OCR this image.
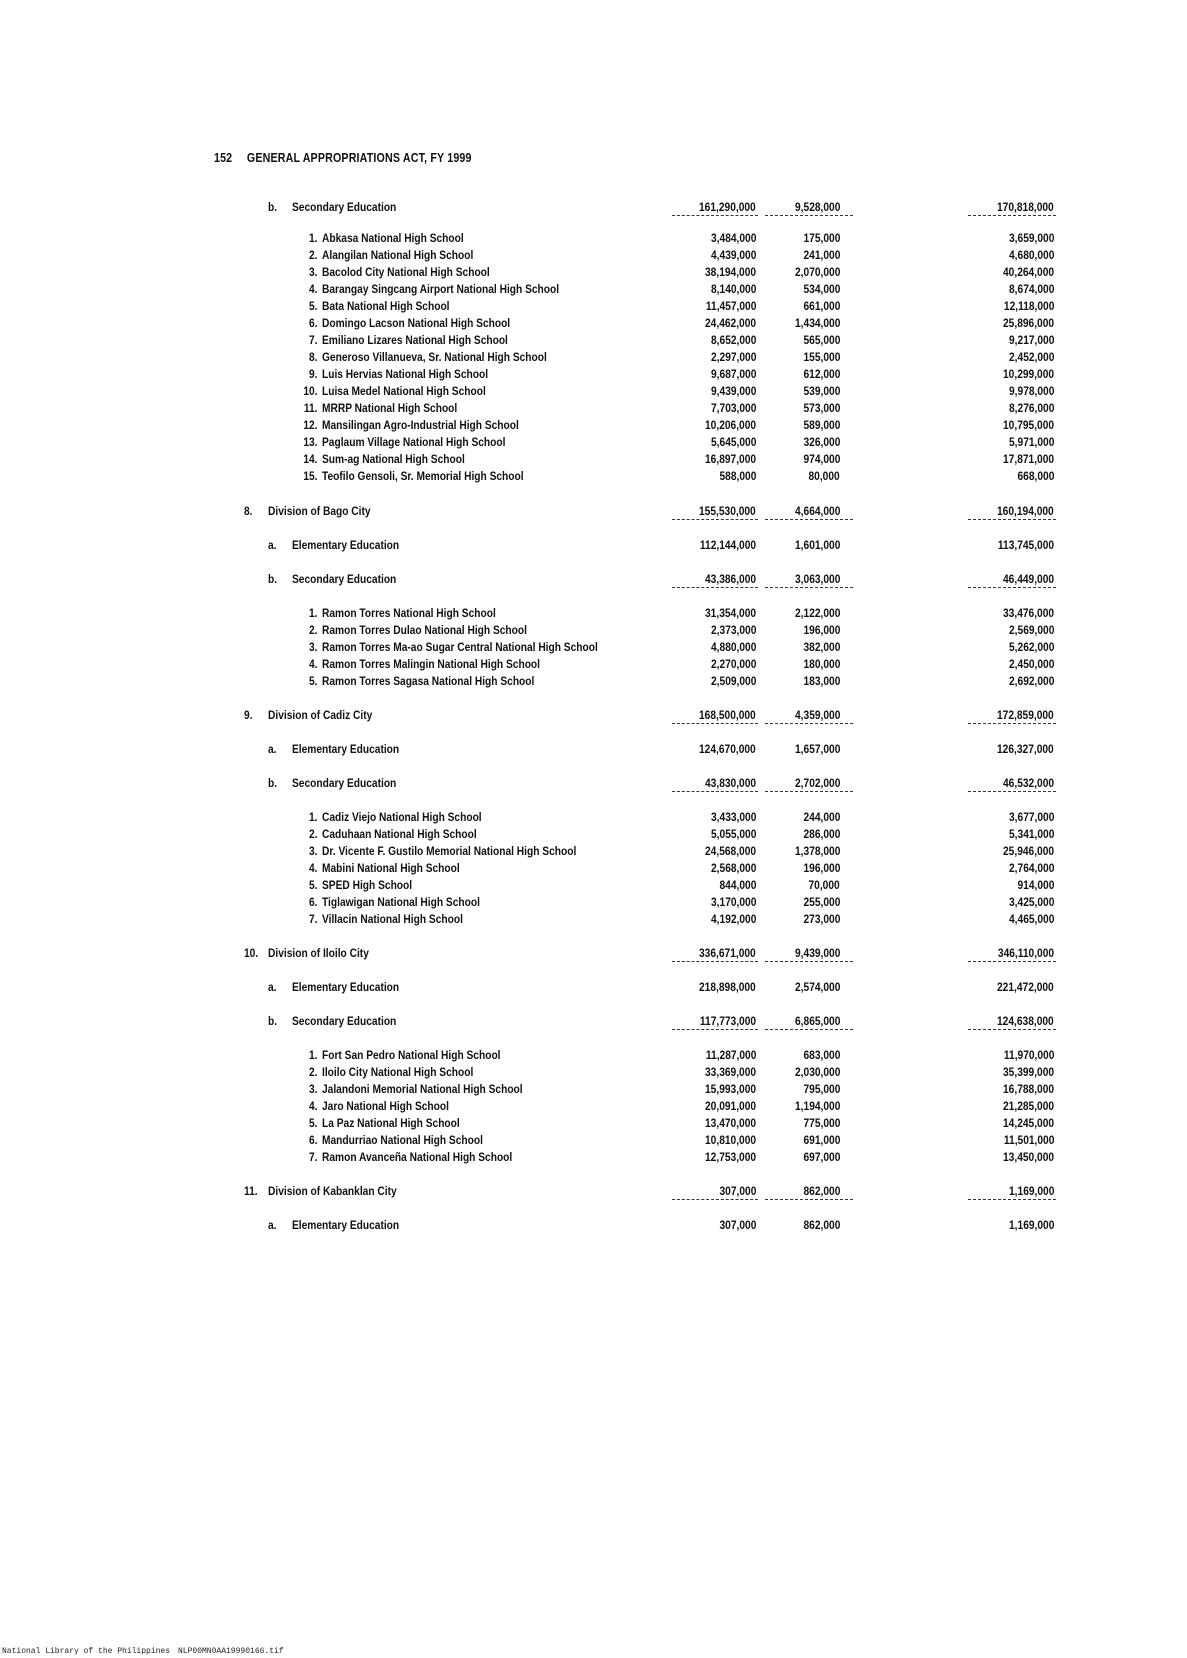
152 GENERAL APPROPRIATIONS ACT, FY 1999
b. Secondary Education	161,290,000	9,528,000	170,818,000
1. Abkasa National High School	3,484,000	175,000	3,659,000
2. Alangilan National High School	4,439,000	241,000	4,680,000
3. Bacolod City National High School	38,194,000	2,070,000	40,264,000
4. Barangay Singcang Airport National High School	8,140,000	534,000	8,674,000
5. Bata National High School	11,457,000	661,000	12,118,000
6. Domingo Lacson National High School	24,462,000	1,434,000	25,896,000
7. Emiliano Lizares National High School	8,652,000	565,000	9,217,000
8. Generoso Villanueva, Sr. National High School	2,297,000	155,000	2,452,000
9. Luis Hervias National High School	9,687,000	612,000	10,299,000
10. Luisa Medel National High School	9,439,000	539,000	9,978,000
11. MRRP National High School	7,703,000	573,000	8,276,000
12. Mansilingan Agro-Industrial High School	10,206,000	589,000	10,795,000
13. Paglaum Village National High School	5,645,000	326,000	5,971,000
14. Sum-ag National High School	16,897,000	974,000	17,871,000
15. Teofilo Gensoli, Sr. Memorial High School	588,000	80,000	668,000
8. Division of Bago City	155,530,000	4,664,000	160,194,000
a. Elementary Education	112,144,000	1,601,000	113,745,000
b. Secondary Education	43,386,000	3,063,000	46,449,000
1. Ramon Torres National High School	31,354,000	2,122,000	33,476,000
2. Ramon Torres Dulao National High School	2,373,000	196,000	2,569,000
3. Ramon Torres Ma-ao Sugar Central National High School	4,880,000	382,000	5,262,000
4. Ramon Torres Malingin National High School	2,270,000	180,000	2,450,000
5. Ramon Torres Sagasa National High School	2,509,000	183,000	2,692,000
9. Division of Cadiz City	168,500,000	4,359,000	172,859,000
a. Elementary Education	124,670,000	1,657,000	126,327,000
b. Secondary Education	43,830,000	2,702,000	46,532,000
1. Cadiz Viejo National High School	3,433,000	244,000	3,677,000
2. Caduhaan National High School	5,055,000	286,000	5,341,000
3. Dr. Vicente F. Gustilo Memorial National High School	24,568,000	1,378,000	25,946,000
4. Mabini National High School	2,568,000	196,000	2,764,000
5. SPED High School	844,000	70,000	914,000
6. Tiglawigan National High School	3,170,000	255,000	3,425,000
7. Villacin National High School	4,192,000	273,000	4,465,000
10. Division of Iloilo City	336,671,000	9,439,000	346,110,000
a. Elementary Education	218,898,000	2,574,000	221,472,000
b. Secondary Education	117,773,000	6,865,000	124,638,000
1. Fort San Pedro National High School	11,287,000	683,000	11,970,000
2. Iloilo City National High School	33,369,000	2,030,000	35,399,000
3. Jalandoni Memorial National High School	15,993,000	795,000	16,788,000
4. Jaro National High School	20,091,000	1,194,000	21,285,000
5. La Paz National High School	13,470,000	775,000	14,245,000
6. Mandurriao National High School	10,810,000	691,000	11,501,000
7. Ramon Avanceña National High School	12,753,000	697,000	13,450,000
11. Division of Kabanklan City	307,000	862,000	1,169,000
a. Elementary Education	307,000	862,000	1,169,000
National Library of the Philippines NLP00MN0AA19990166.tif
